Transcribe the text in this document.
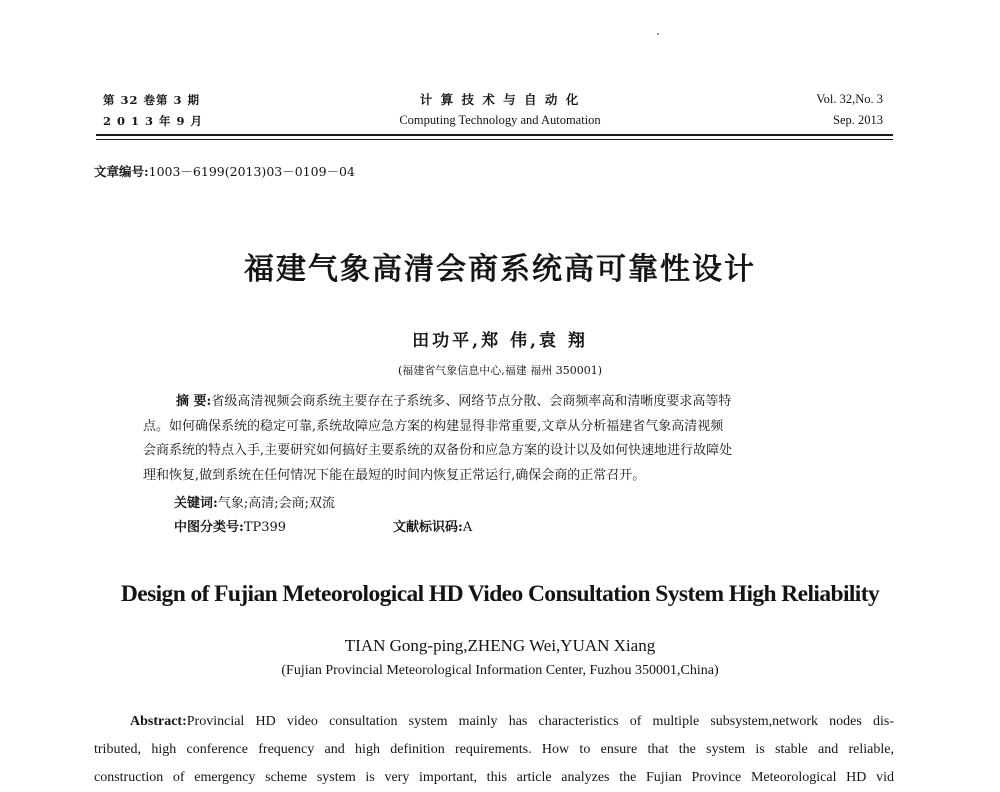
第 32 卷第 3 期
2 0 1 3 年 9 月
计 算 技 术 与 自 动 化
Computing Technology and Automation
Vol. 32,No. 3
Sep. 2013
文章编号:1003－6199(2013)03－0109－04
福建气象高清会商系统高可靠性设计
田功平,郑 伟,袁 翔
(福建省气象信息中心,福建 福州 350001)
摘 要:省级高清视频会商系统主要存在子系统多、网络节点分散、会商频率高和清晰度要求高等特
点。如何确保系统的稳定可靠,系统故障应急方案的构建显得非常重要,文章从分析福建省气象高清视频
会商系统的特点入手,主要研究如何搞好主要系统的双备份和应急方案的设计以及如何快速地进行故障处
理和恢复,做到系统在任何情况下能在最短的时间内恢复正常运行,确保会商的正常召开。
关键词:气象;高清;会商;双流
中图分类号:TP399	文献标识码:A
Design of Fujian Meteorological HD Video Consultation System High Reliability
TIAN Gong-ping,ZHENG Wei,YUAN Xiang
(Fujian Provincial Meteorological Information Center, Fuzhou 350001,China)
Abstract:Provincial HD video consultation system mainly has characteristics of multiple subsystem,network nodes dis-
tributed, high conference frequency and high definition requirements. How to ensure that the system is stable and reliable,
construction of emergency scheme system is very important, this article analyzes the Fujian Province Meteorological HD vid
